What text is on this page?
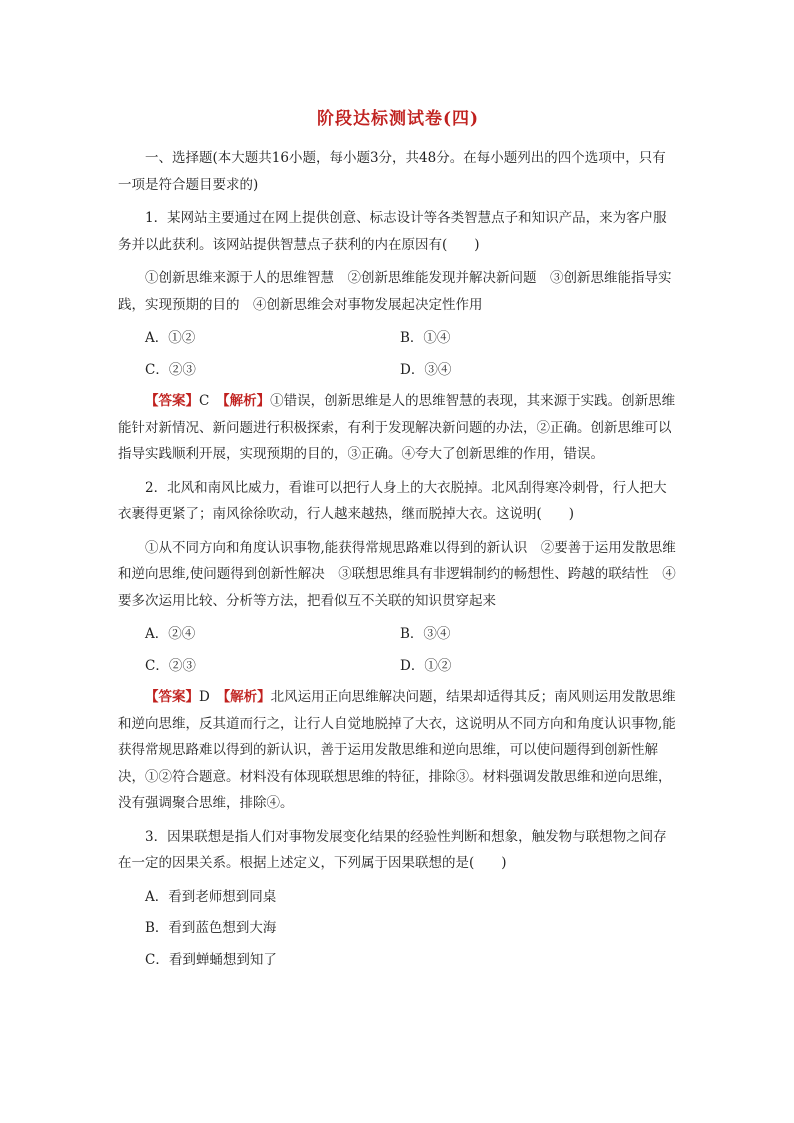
阶段达标测试卷(四)

一、选择题(本大题共16小题，每小题3分，共48分。在每小题列出的四个选项中，只有一项是符合题目要求的)

1．某网站主要通过在网上提供创意、标志设计等各类智慧点子和知识产品，来为客户服务并以此获利。该网站提供智慧点子获利的内在原因有(　　)

①创新思维来源于人的思维智慧　②创新思维能发现并解决新问题　③创新思维能指导实践，实现预期的目的　④创新思维会对事物发展起决定性作用

A．①②	B．①④
C．②③	D．③④

【答案】C　 【解析】①错误，创新思维是人的思维智慧的表现，其来源于实践。创新思维能针对新情况、新问题进行积极探索，有利于发现解决新问题的办法，②正确。创新思维可以指导实践顺利开展，实现预期的目的，③正确。④夸大了创新思维的作用，错误。

2．北风和南风比威力，看谁可以把行人身上的大衣脱掉。北风刮得寒冷刺骨，行人把大衣裹得更紧了；南风徐徐吹动，行人越来越热，继而脱掉大衣。这说明(　　)

①从不同方向和角度认识事物,能获得常规思路难以得到的新认识　②要善于运用发散思维和逆向思维,使问题得到创新性解决　③联想思维具有非逻辑制约的畅想性、跨越的联结性　④要多次运用比较、分析等方法，把看似互不关联的知识贯穿起来

A．②④	B．③④
C．②③	D．①②

【答案】D　 【解析】北风运用正向思维解决问题，结果却适得其反；南风则运用发散思维和逆向思维，反其道而行之，让行人自觉地脱掉了大衣，这说明从不同方向和角度认识事物,能获得常规思路难以得到的新认识，善于运用发散思维和逆向思维，可以使问题得到创新性解决，①②符合题意。材料没有体现联想思维的特征，排除③。材料强调发散思维和逆向思维，没有强调聚合思维，排除④。

3．因果联想是指人们对事物发展变化结果的经验性判断和想象，触发物与联想物之间存在一定的因果关系。根据上述定义，下列属于因果联想的是(　　)

A．看到老师想到同桌
B．看到蓝色想到大海
C．看到蝉蛹想到知了
